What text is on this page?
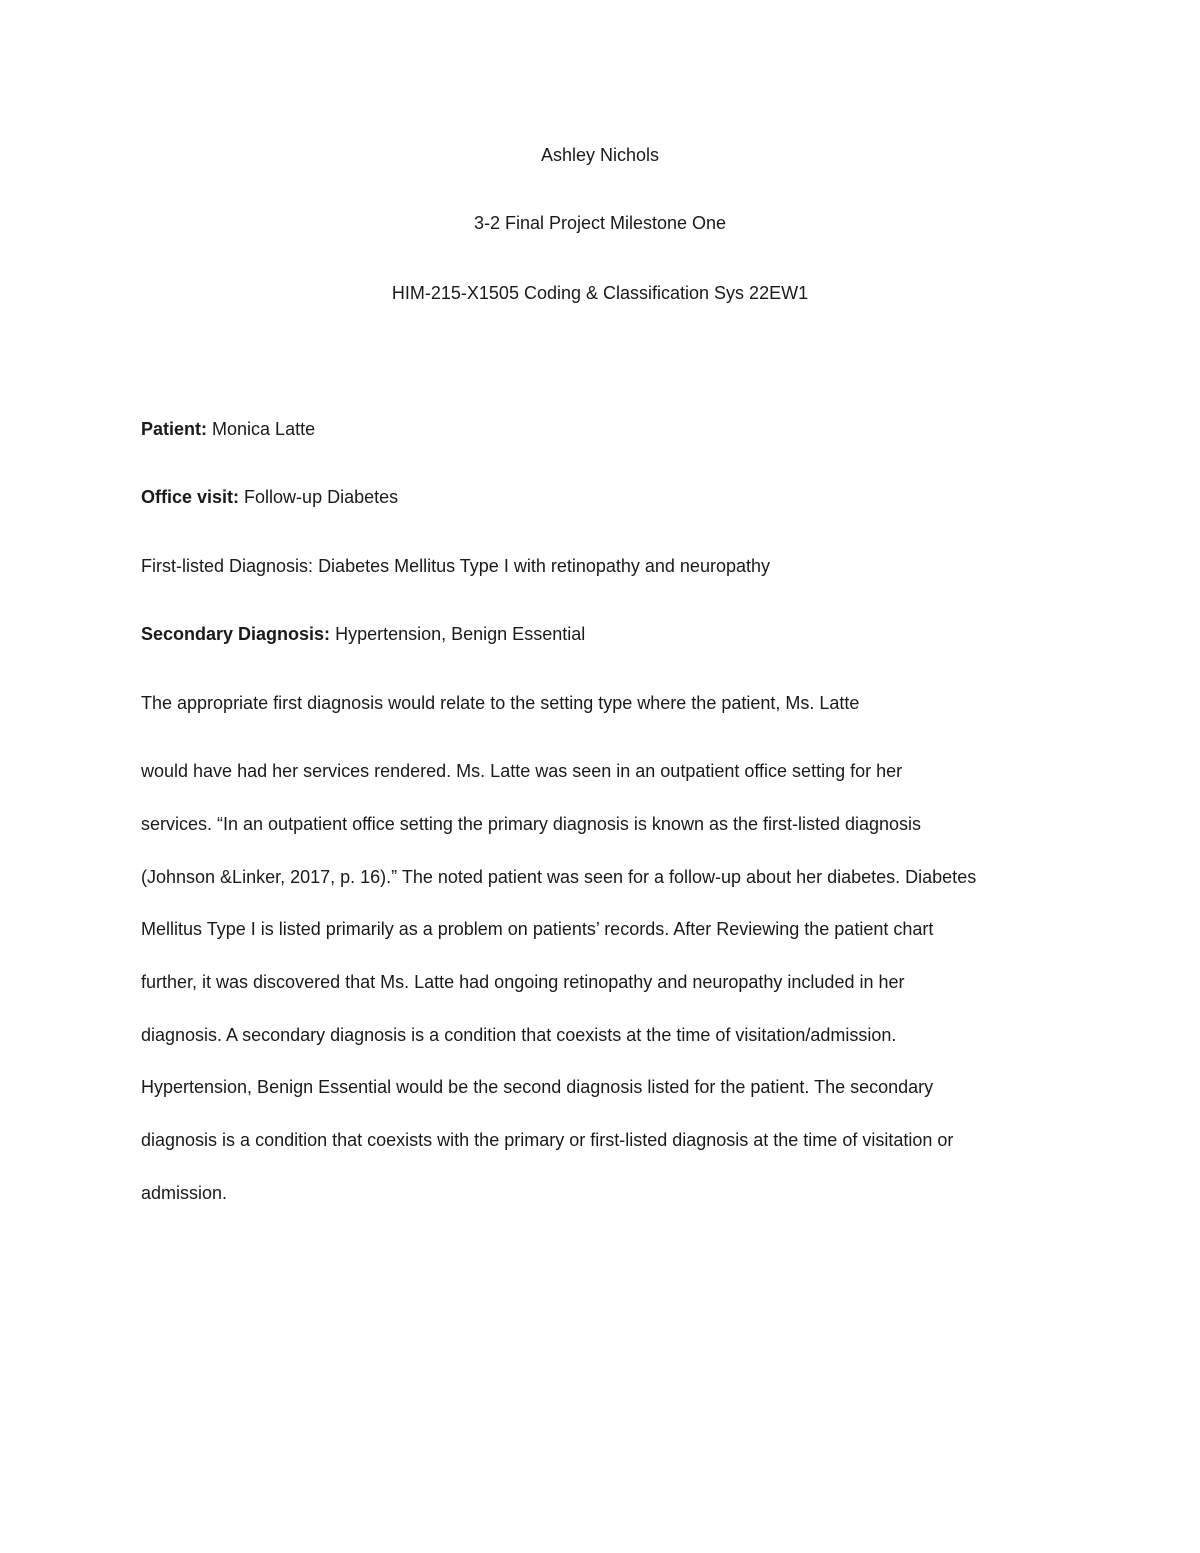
Ashley Nichols
3-2 Final Project Milestone One
HIM-215-X1505 Coding & Classification Sys 22EW1
Patient: Monica Latte
Office visit: Follow-up Diabetes
First-listed Diagnosis: Diabetes Mellitus Type I with retinopathy and neuropathy
Secondary Diagnosis: Hypertension, Benign Essential
The appropriate first diagnosis would relate to the setting type where the patient, Ms. Latte
would have had her services rendered. Ms. Latte was seen in an outpatient office setting for her
services. “In an outpatient office setting the primary diagnosis is known as the first-listed diagnosis
(Johnson &Linker, 2017, p. 16).” The noted patient was seen for a follow-up about her diabetes. Diabetes
Mellitus Type I is listed primarily as a problem on patients’ records. After Reviewing the patient chart
further, it was discovered that Ms. Latte had ongoing retinopathy and neuropathy included in her
diagnosis. A secondary diagnosis is a condition that coexists at the time of visitation/admission.
Hypertension, Benign Essential would be the second diagnosis listed for the patient. The secondary
diagnosis is a condition that coexists with the primary or first-listed diagnosis at the time of visitation or
admission.
